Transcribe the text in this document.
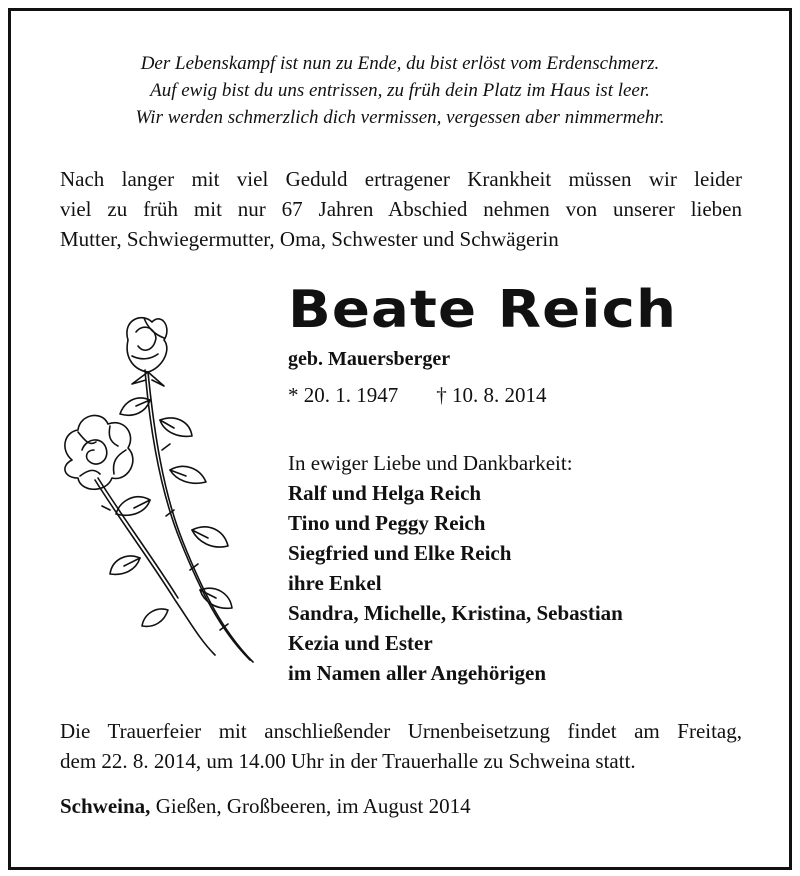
Der Lebenskampf ist nun zu Ende, du bist erlöst vom Erdenschmerz.
Auf ewig bist du uns entrissen, zu früh dein Platz im Haus ist leer.
Wir werden schmerzlich dich vermissen, vergessen aber nimmermehr.
Nach langer mit viel Geduld ertragener Krankheit müssen wir leider
viel zu früh mit nur 67 Jahren Abschied nehmen von unserer lieben
Mutter, Schwiegermutter, Oma, Schwester und Schwägerin
Beate Reich
geb. Mauersberger
* 20. 1. 1947 † 10. 8. 2014
In ewiger Liebe und Dankbarkeit:
Ralf und Helga Reich
Tino und Peggy Reich
Siegfried und Elke Reich
ihre Enkel
Sandra, Michelle, Kristina, Sebastian
Kezia und Ester
im Namen aller Angehörigen
Die Trauerfeier mit anschließender Urnenbeisetzung findet am Freitag,
dem 22. 8. 2014, um 14.00 Uhr in der Trauerhalle zu Schweina statt.
Schweina, Gießen, Großbeeren, im August 2014
